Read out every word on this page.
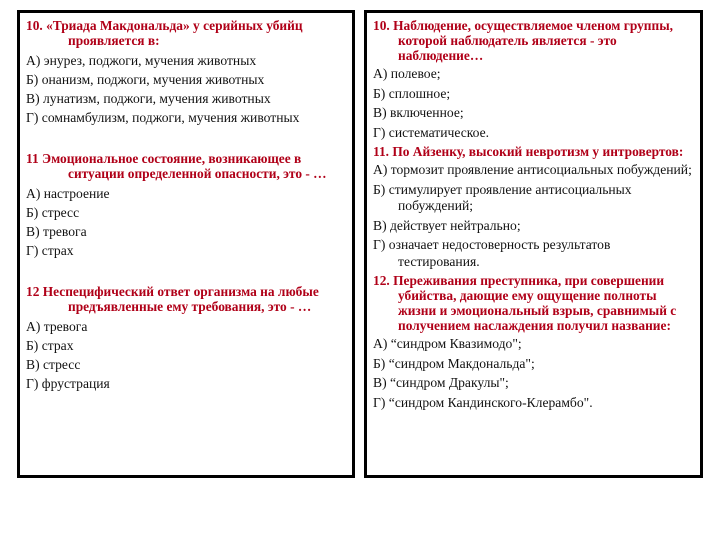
10. «Триада Макдональда» у серийных убийц проявляется в:
А) энурез, поджоги, мучения животных
Б) онанизм, поджоги, мучения животных
В) лунатизм, поджоги, мучения животных
Г) сомнамбулизм, поджоги, мучения животных
11 Эмоциональное состояние, возникающее в ситуации определенной опасности, это - …
А) настроение
Б) стресс
В) тревога
Г) страх
12 Неспецифический ответ организма на любые предъявленные ему требования, это - …
А) тревога
Б) страх
В) стресс
Г) фрустрация
10. Наблюдение, осуществляемое членом группы, которой наблюдатель является - это наблюдение…
А) полевое;
Б) сплошное;
В) включенное;
Г) систематическое.
11. По Айзенку, высокий невротизм у интровертов:
А) тормозит проявление антисоциальных побуждений;
Б) стимулирует проявление антисоциальных побуждений;
В) действует нейтрально;
Г) означает недостоверность результатов тестирования.
12. Переживания преступника, при совершении убийства, дающие ему ощущение полноты жизни и эмоциональный взрыв, сравнимый с получением наслаждения получил название:
А) “синдром Квазимодо";
Б) “синдром Макдональда";
В) “синдром Дракулы";
Г) “синдром Кандинского-Клерамбо".
